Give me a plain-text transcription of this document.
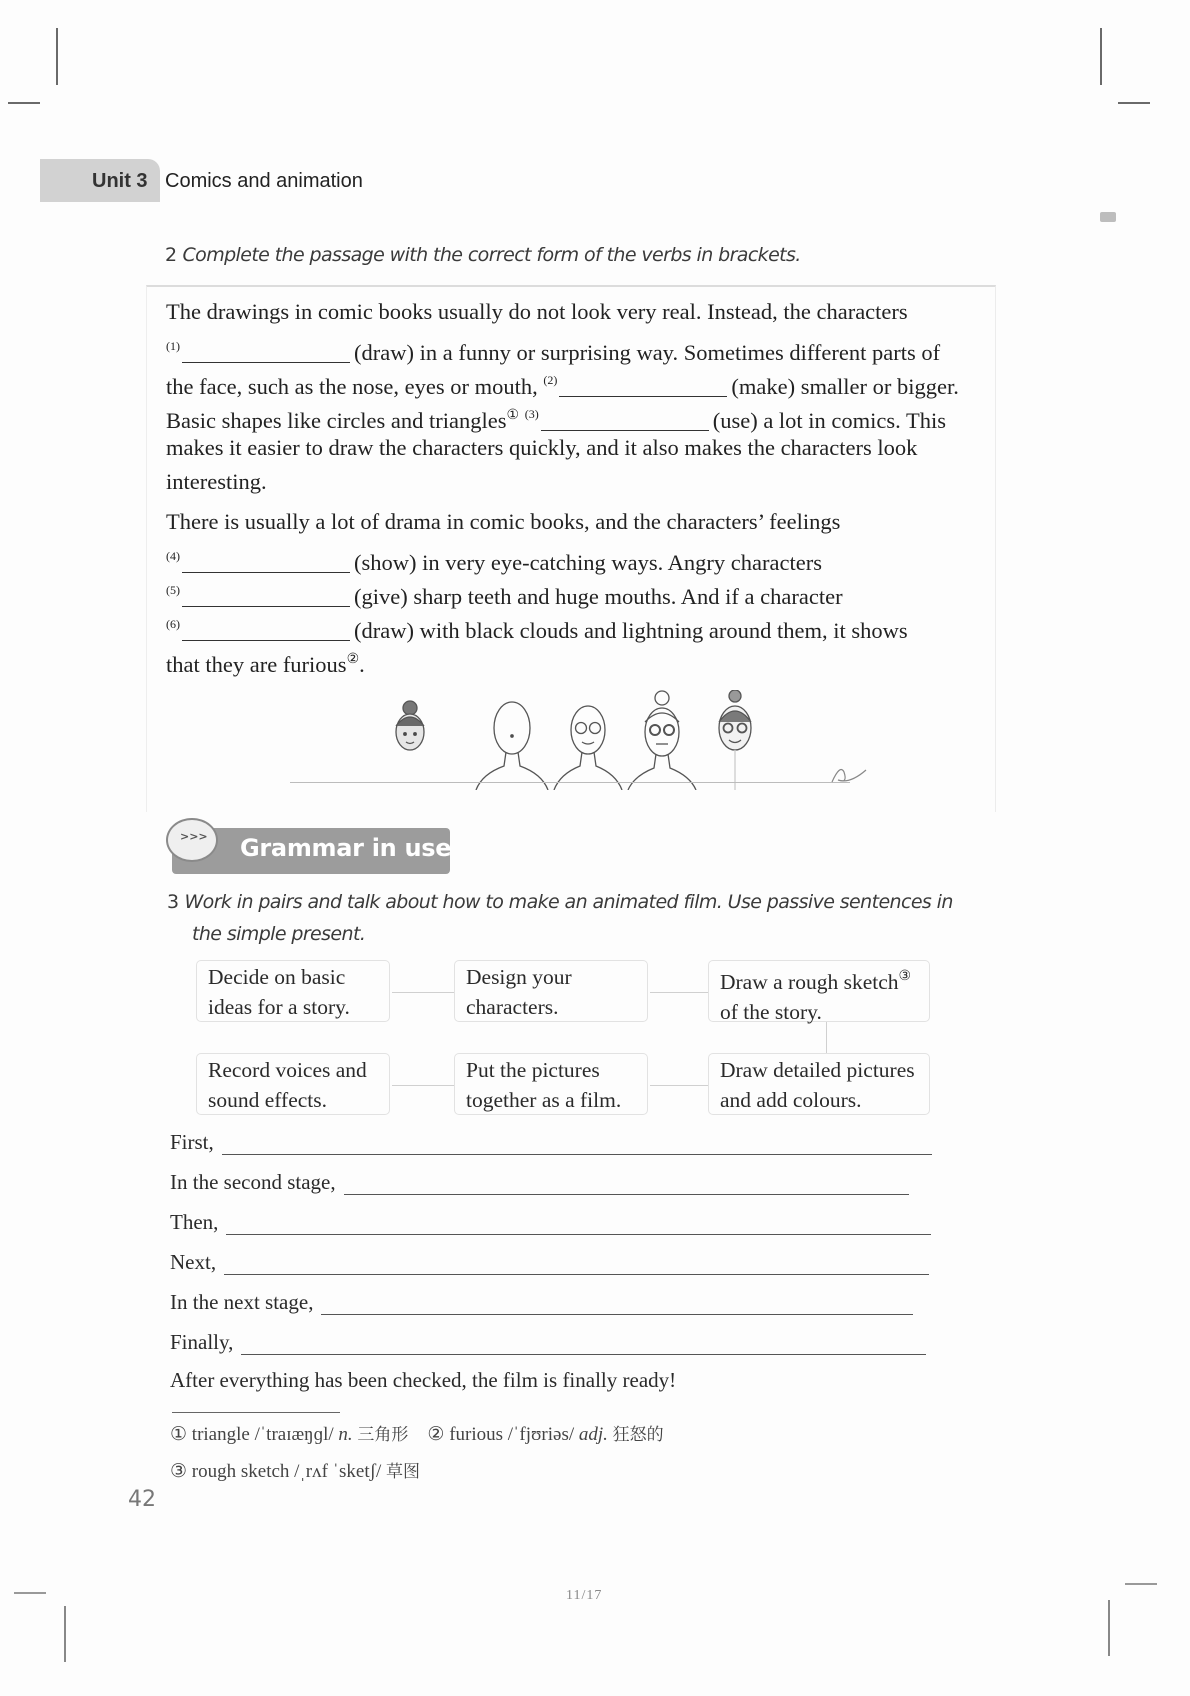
Unit 3 Comics and animation
2 Complete the passage with the correct form of the verbs in brackets.
The drawings in comic books usually do not look very real. Instead, the characters
$^{(1)}$	(draw) in a funny or surprising way. Sometimes different parts of
the face, such as the nose, eyes or mouth, $^{(2)}$	(make) smaller or bigger.
Basic shapes like circles and triangles① $^{(3)}$	(use) a lot in comics. This
makes it easier to draw the characters quickly, and it also makes the characters look
interesting.
There is usually a lot of drama in comic books, and the characters’ feelings
$^{(4)}$	(show) in very eye-catching ways. Angry characters
$^{(5)}$	(give) sharp teeth and huge mouths. And if a character
$^{(6)}$	(draw) with black clouds and lightning around them, it shows
that they are furious②.
>>> Grammar in use
3 Work in pairs and talk about how to make an animated film. Use passive sentences in
the simple present.
Decide on basic
ideas for a story.
Design your
characters.
Draw a rough sketch③
of the story.
Draw detailed pictures
and add colours.
Put the pictures
together as a film.
Record voices and
sound effects.
First,
In the second stage,
Then,
Next,
In the next stage,
Finally,
After everything has been checked, the film is finally ready!
① triangle /ˈtraɪæŋɡl/ n. 三角形 ② furious /ˈfjʊriəs/ adj. 狂怒的
③ rough sketch /ˌrʌf ˈsketʃ/ 草图
42
11/17
